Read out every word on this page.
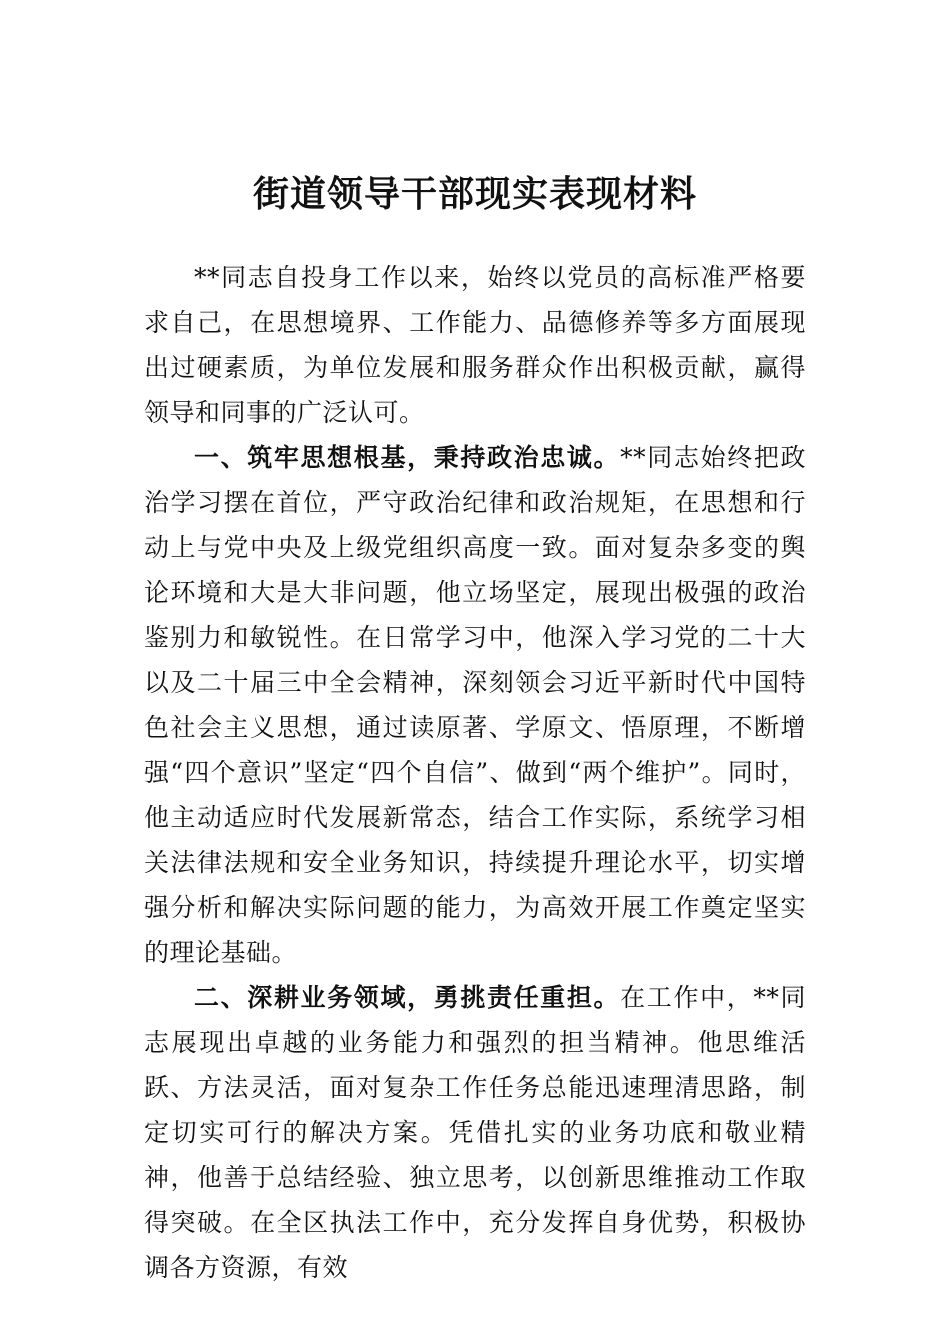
街道领导干部现实表现材料

**同志自投身工作以来，始终以党员的高标准严格要求自己，在思想境界、工作能力、品德修养等多方面展现出过硬素质，为单位发展和服务群众作出积极贡献，赢得领导和同事的广泛认可。

一、筑牢思想根基，秉持政治忠诚。**同志始终把政治学习摆在首位，严守政治纪律和政治规矩，在思想和行动上与党中央及上级党组织高度一致。面对复杂多变的舆论环境和大是大非问题，他立场坚定，展现出极强的政治鉴别力和敏锐性。在日常学习中，他深入学习党的二十大以及二十届三中全会精神，深刻领会习近平新时代中国特色社会主义思想，通过读原著、学原文、悟原理，不断增强“四个意识”坚定“四个自信”、做到“两个维护”。同时，他主动适应时代发展新常态，结合工作实际，系统学习相关法律法规和安全业务知识，持续提升理论水平，切实增强分析和解决实际问题的能力，为高效开展工作奠定坚实的理论基础。

二、深耕业务领域，勇挑责任重担。在工作中，**同志展现出卓越的业务能力和强烈的担当精神。他思维活跃、方法灵活，面对复杂工作任务总能迅速理清思路，制定切实可行的解决方案。凭借扎实的业务功底和敬业精神，他善于总结经验、独立思考，以创新思维推动工作取得突破。在全区执法工作中，充分发挥自身优势，积极协调各方资源，有效
